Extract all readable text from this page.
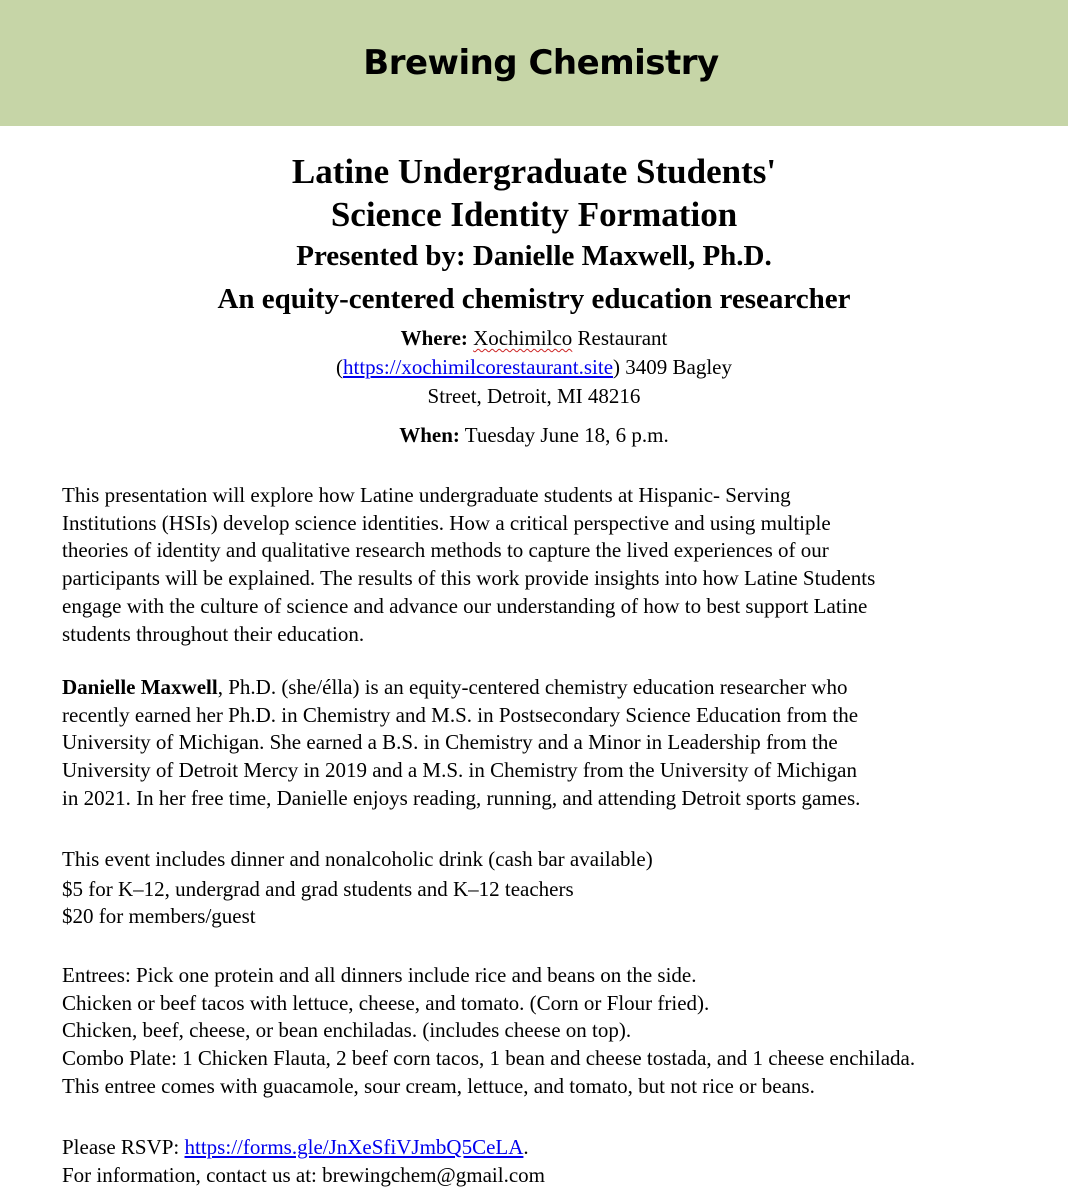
Brewing Chemistry
Latine Undergraduate Students'
Science Identity Formation
Presented by: Danielle Maxwell, Ph.D.
An equity-centered chemistry education researcher
Where: Xochimilco Restaurant
(https://xochimilcorestaurant.site) 3409 Bagley
Street, Detroit, MI 48216
When: Tuesday June 18, 6 p.m.
This presentation will explore how Latine undergraduate students at Hispanic- Serving
Institutions (HSIs) develop science identities. How a critical perspective and using multiple
theories of identity and qualitative research methods to capture the lived experiences of our
participants will be explained. The results of this work provide insights into how Latine Students
engage with the culture of science and advance our understanding of how to best support Latine
students throughout their education.
Danielle Maxwell, Ph.D. (she/élla) is an equity-centered chemistry education researcher who
recently earned her Ph.D. in Chemistry and M.S. in Postsecondary Science Education from the
University of Michigan. She earned a B.S. in Chemistry and a Minor in Leadership from the
University of Detroit Mercy in 2019 and a M.S. in Chemistry from the University of Michigan
in 2021. In her free time, Danielle enjoys reading, running, and attending Detroit sports games.
This event includes dinner and nonalcoholic drink (cash bar available)
$5 for K–12, undergrad and grad students and K–12 teachers
$20 for members/guest
Entrees: Pick one protein and all dinners include rice and beans on the side.
Chicken or beef tacos with lettuce, cheese, and tomato. (Corn or Flour fried).
Chicken, beef, cheese, or bean enchiladas. (includes cheese on top).
Combo Plate: 1 Chicken Flauta, 2 beef corn tacos, 1 bean and cheese tostada, and 1 cheese enchilada.
This entree comes with guacamole, sour cream, lettuce, and tomato, but not rice or beans.
Please RSVP: https://forms.gle/JnXeSfiVJmbQ5CeLA.
For information, contact us at: brewingchem@gmail.com
